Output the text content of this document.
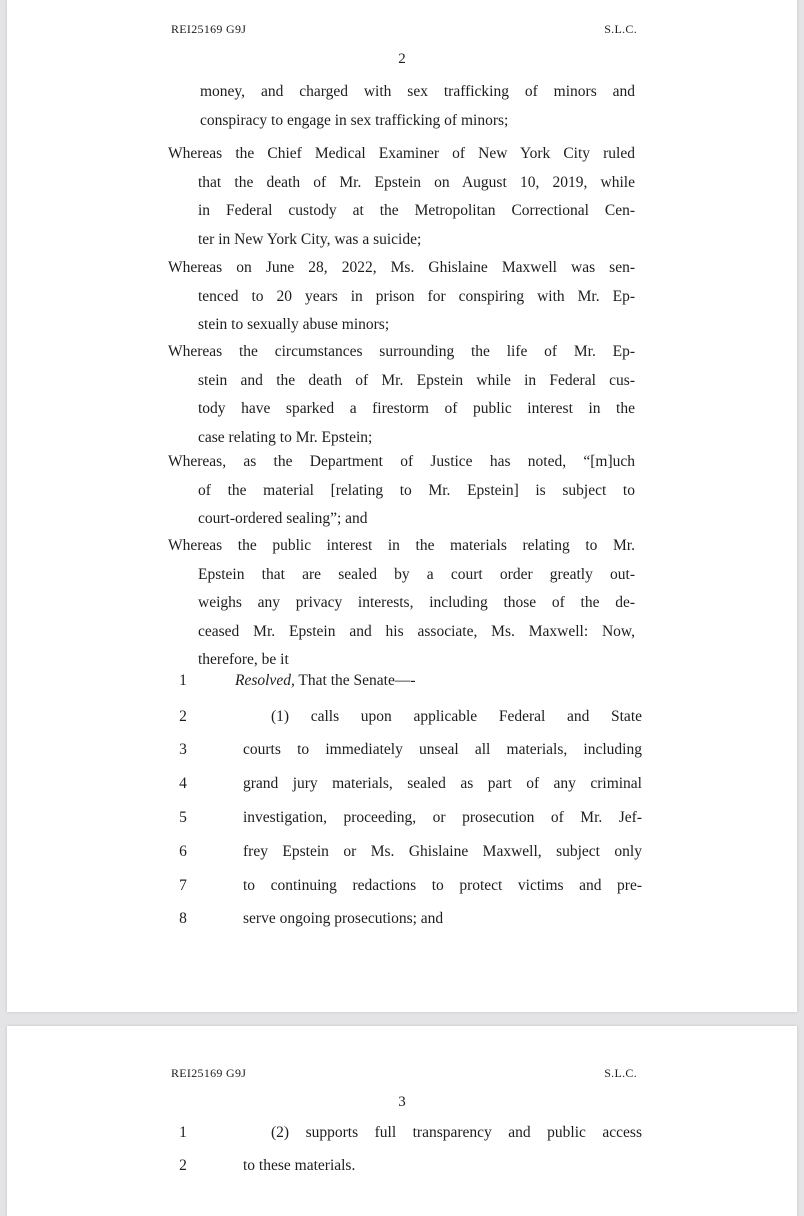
REI25169 G9J	S.L.C.
2
money, and charged with sex trafficking of minors and
conspiracy to engage in sex trafficking of minors;
Whereas the Chief Medical Examiner of New York City ruled
that the death of Mr. Epstein on August 10, 2019, while
in Federal custody at the Metropolitan Correctional Cen-
ter in New York City, was a suicide;
Whereas on June 28, 2022, Ms. Ghislaine Maxwell was sen-
tenced to 20 years in prison for conspiring with Mr. Ep-
stein to sexually abuse minors;
Whereas the circumstances surrounding the life of Mr. Ep-
stein and the death of Mr. Epstein while in Federal cus-
tody have sparked a firestorm of public interest in the
case relating to Mr. Epstein;
Whereas, as the Department of Justice has noted, “[m]uch
of the material [relating to Mr. Epstein] is subject to
court-ordered sealing”; and
Whereas the public interest in the materials relating to Mr.
Epstein that are sealed by a court order greatly out-
weighs any privacy interests, including those of the de-
ceased Mr. Epstein and his associate, Ms. Maxwell: Now,
therefore, be it
1	Resolved, That the Senate—-
2	(1) calls upon applicable Federal and State
3	courts to immediately unseal all materials, including
4	grand jury materials, sealed as part of any criminal
5	investigation, proceeding, or prosecution of Mr. Jef-
6	frey Epstein or Ms. Ghislaine Maxwell, subject only
7	to continuing redactions to protect victims and pre-
8	serve ongoing prosecutions; and
REI25169 G9J	S.L.C.
3
1	(2) supports full transparency and public access
2	to these materials.
